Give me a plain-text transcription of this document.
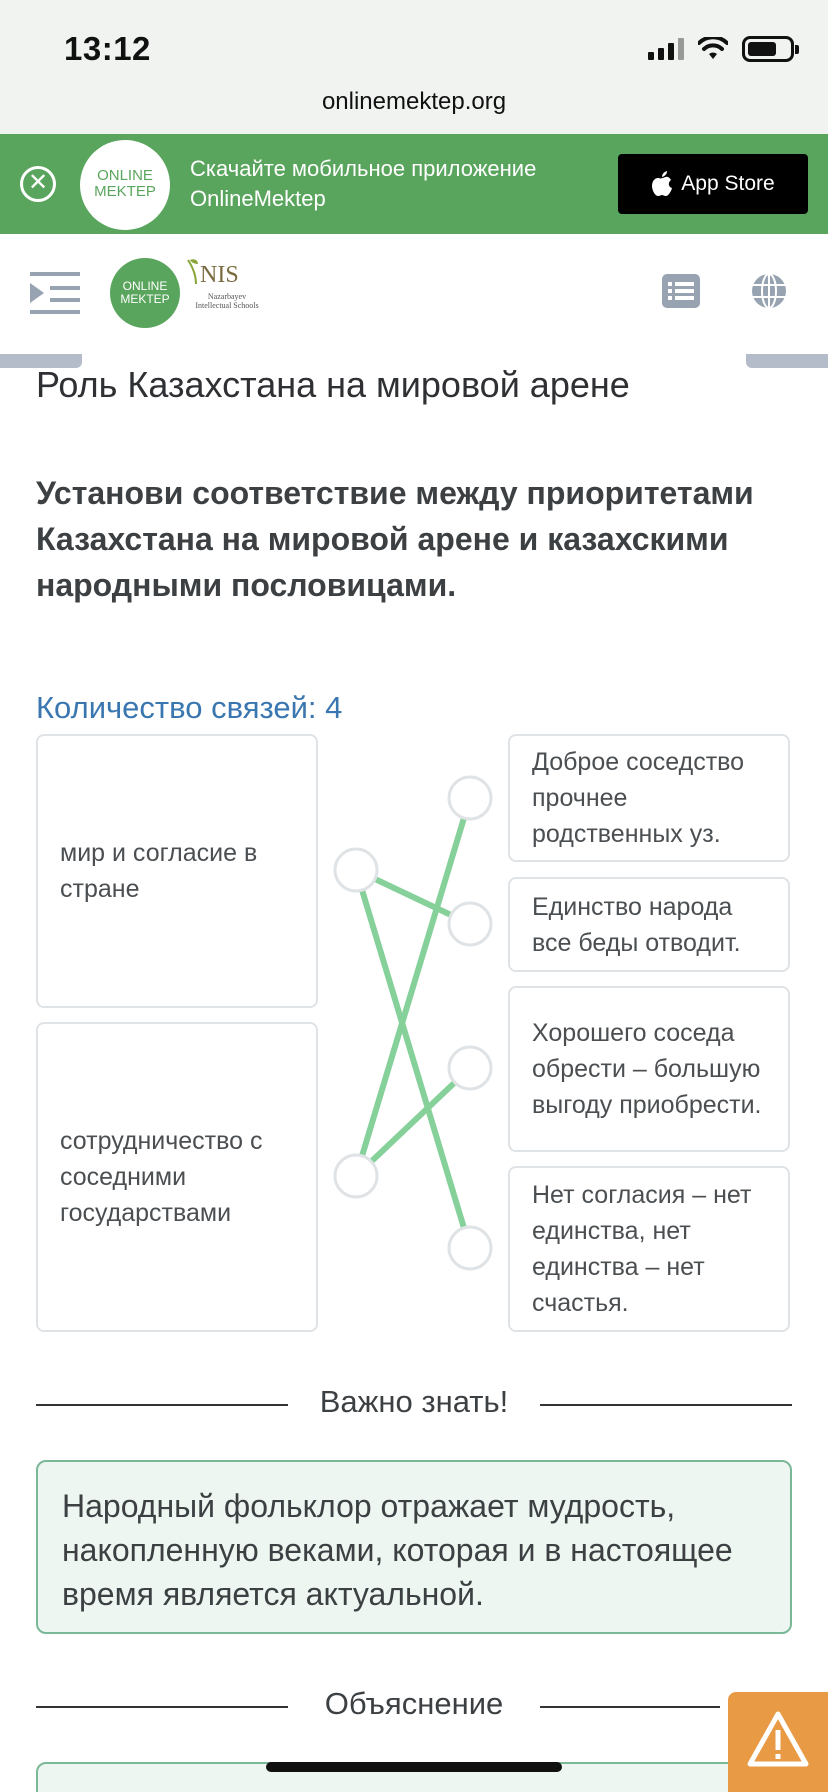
13:12
onlinemektep.org
✕	ONLINE MEKTEP
Скачайте мобильное приложение
OnlineMektep
App Store
ONLINE MEKTEP
NIS
Nazarbayev Intellectual Schools
Роль Казахстана на мировой арене
Установи соответствие между приоритетами Казахстана на мировой арене и казахскими народными пословицами.
Количество связей: 4
мир и согласие в стране
сотрудничество с соседними государствами
Доброе соседство прочнее родственных уз.
Единство народа все беды отводит.
Хорошего соседа обрести – большую выгоду приобрести.
Нет согласия – нет единства, нет единства – нет счастья.
Важно знать!
Народный фольклор отражает мудрость, накопленную веками, которая и в настоящее время является актуальной.
Объяснение
